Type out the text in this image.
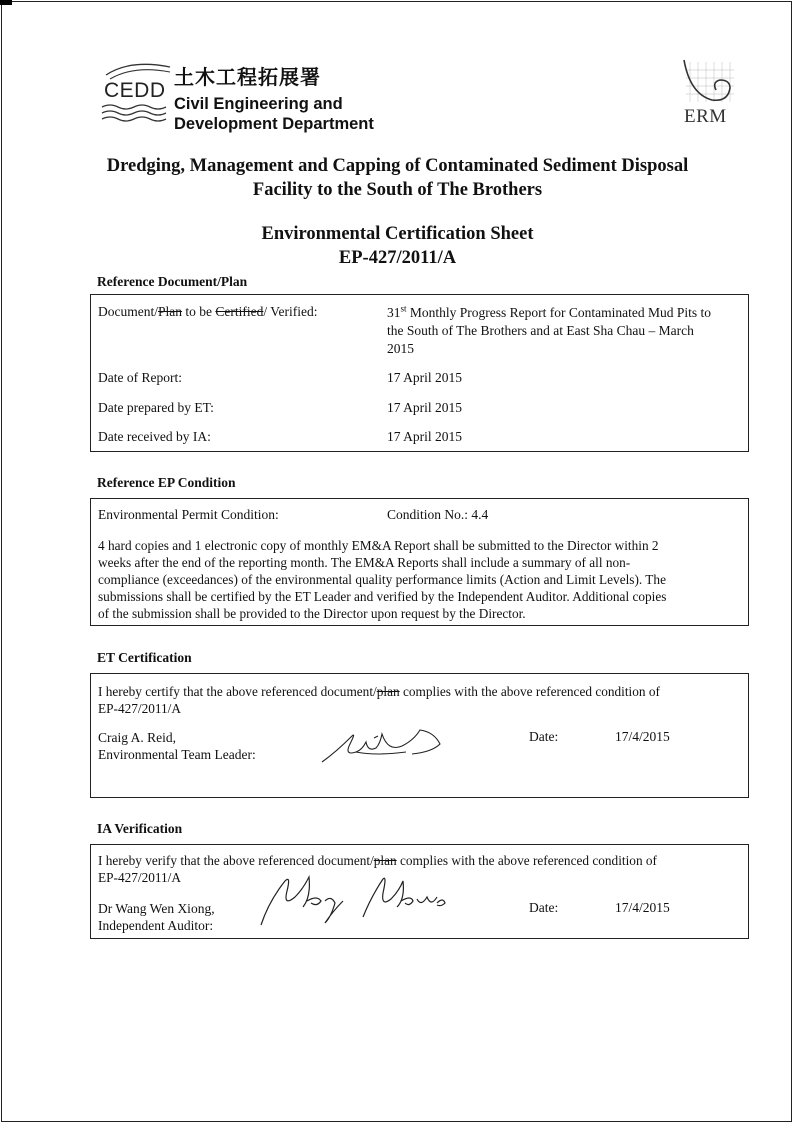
CEDD
土木工程拓展署
Civil Engineering and
Development Department	ERM
Dredging, Management and Capping of Contaminated Sediment Disposal
Facility to the South of The Brothers
Environmental Certification Sheet
EP-427/2011/A
Reference Document/Plan
Document/Plan to be Certified/ Verified:	31st Monthly Progress Report for Contaminated Mud Pits to
the South of The Brothers and at East Sha Chau – March
2015
Date of Report:	17 April 2015
Date prepared by ET:	17 April 2015
Date received by IA:	17 April 2015
Reference EP Condition
Environmental Permit Condition:	Condition No.: 4.4
4 hard copies and 1 electronic copy of monthly EM&A Report shall be submitted to the Director within 2
weeks after the end of the reporting month. The EM&A Reports shall include a summary of all non-
compliance (exceedances) of the environmental quality performance limits (Action and Limit Levels). The
submissions shall be certified by the ET Leader and verified by the Independent Auditor. Additional copies
of the submission shall be provided to the Director upon request by the Director.
ET Certification
I hereby certify that the above referenced document/plan complies with the above referenced condition of
EP-427/2011/A
Craig A. Reid,
Environmental Team Leader:
Date:	17/4/2015
IA Verification
I hereby verify that the above referenced document/plan complies with the above referenced condition of
EP-427/2011/A
Dr Wang Wen Xiong,
Independent Auditor:
Date:	17/4/2015
